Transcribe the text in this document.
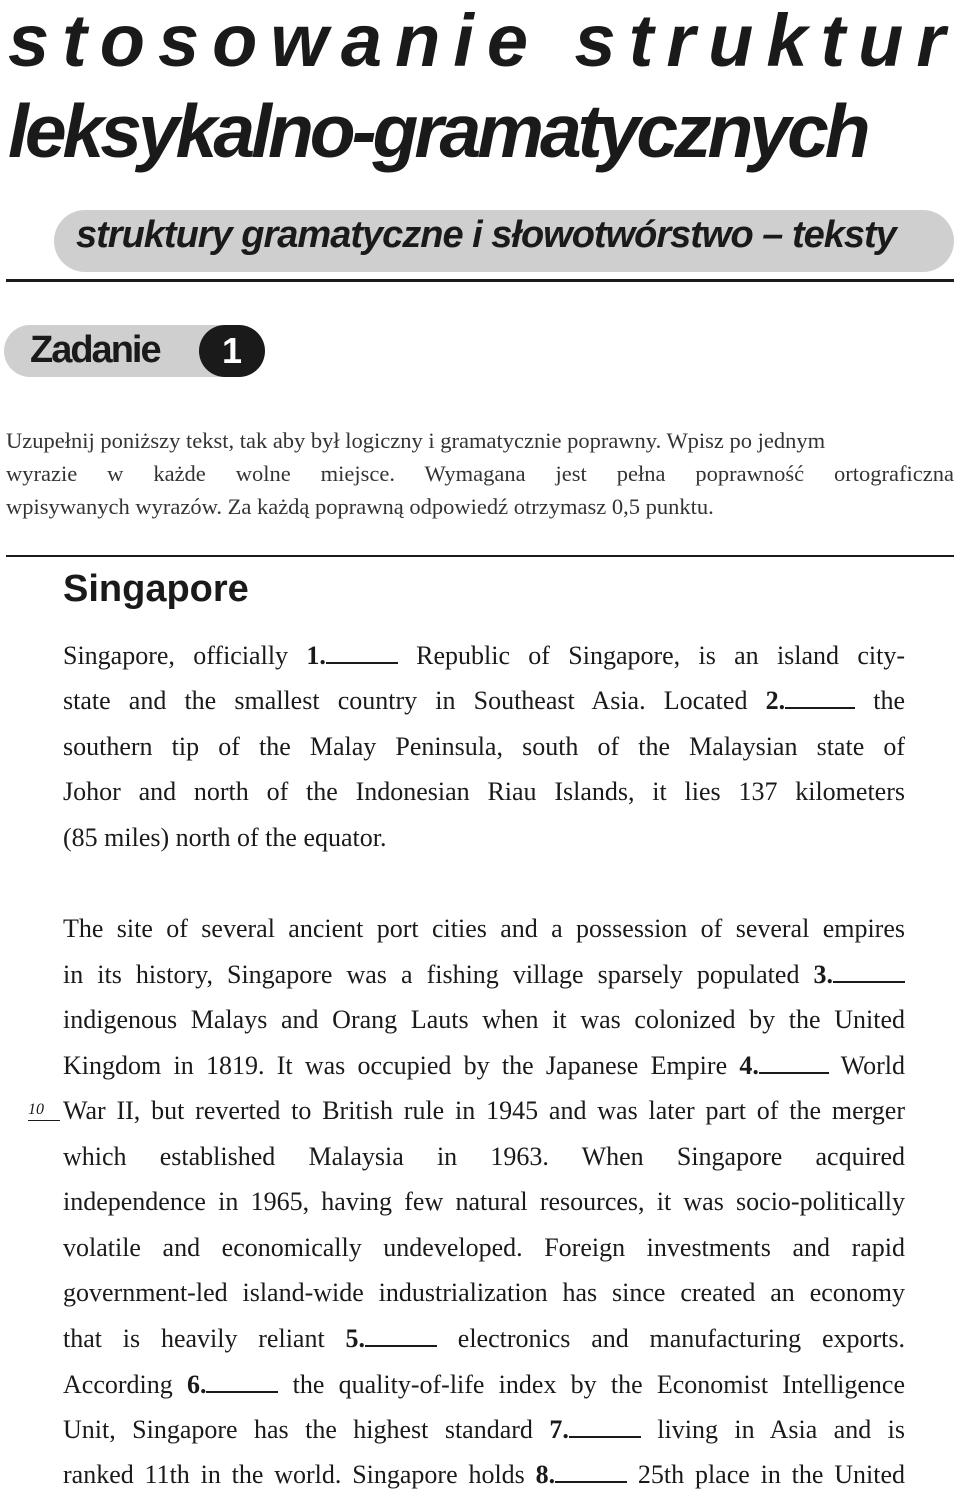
stosowanie struktur
leksykalno-gramatycznych
struktury gramatyczne i słowotwórstwo – teksty
Zadanie	1
Uzupełnij poniższy tekst, tak aby był logiczny i gramatycznie poprawny. Wpisz po jednym
wyrazie w każde wolne miejsce. Wymagana jest pełna poprawność ortograficzna
wpisywanych wyrazów. Za każdą poprawną odpowiedź otrzymasz 0,5 punktu.
Singapore
Singapore, officially 1.	Republic of Singapore, is an island city-
state and the smallest country in Southeast Asia. Located 2.	the
southern tip of the Malay Peninsula, south of the Malaysian state of
Johor and north of the Indonesian Riau Islands, it lies 137 kilometers
(85 miles) north of the equator.
The site of several ancient port cities and a possession of several empires
in its history, Singapore was a fishing village sparsely populated 3.
indigenous Malays and Orang Lauts when it was colonized by the United
Kingdom in 1819. It was occupied by the Japanese Empire 4.	World
10 War II, but reverted to British rule in 1945 and was later part of the merger
which established Malaysia in 1963. When Singapore acquired
independence in 1965, having few natural resources, it was socio-politically
volatile and economically undeveloped. Foreign investments and rapid
government-led island-wide industrialization has since created an economy
that is heavily reliant 5.	electronics and manufacturing exports.
According 6.	the quality-of-life index by the Economist Intelligence
Unit, Singapore has the highest standard 7.	living in Asia and is
ranked 11th in the world. Singapore holds 8.	25th place in the United
